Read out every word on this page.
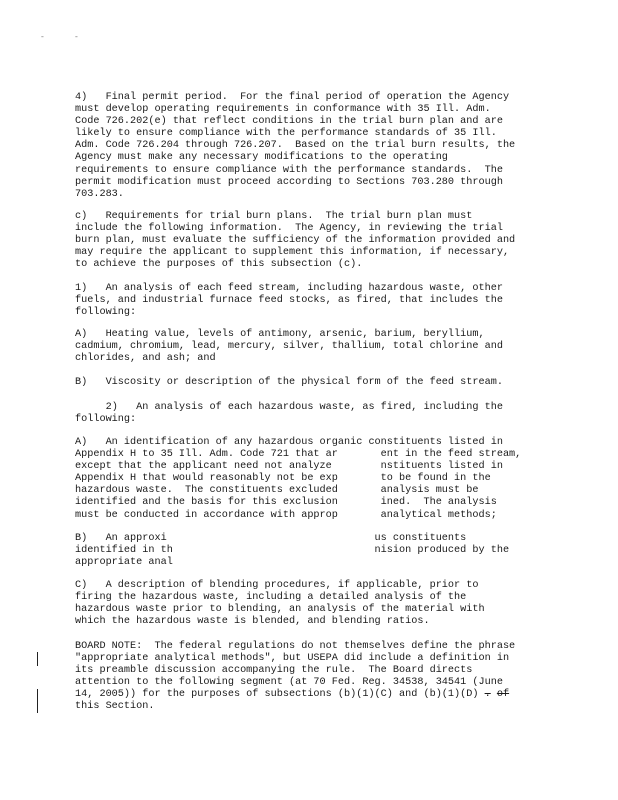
-	-

4)   Final permit period.  For the final period of operation the Agency
must develop operating requirements in conformance with 35 Ill. Adm.
Code 726.202(e) that reflect conditions in the trial burn plan and are
likely to ensure compliance with the performance standards of 35 Ill.
Adm. Code 726.204 through 726.207.  Based on the trial burn results, the
Agency must make any necessary modifications to the operating
requirements to ensure compliance with the performance standards.  The
permit modification must proceed according to Sections 703.280 through
703.283.

c)   Requirements for trial burn plans.  The trial burn plan must
include the following information.  The Agency, in reviewing the trial
burn plan, must evaluate the sufficiency of the information provided and
may require the applicant to supplement this information, if necessary,
to achieve the purposes of this subsection (c).

1)   An analysis of each feed stream, including hazardous waste, other
fuels, and industrial furnace feed stocks, as fired, that includes the
following:

A)   Heating value, levels of antimony, arsenic, barium, beryllium,
cadmium, chromium, lead, mercury, silver, thallium, total chlorine and
chlorides, and ash; and

B)   Viscosity or description of the physical form of the feed stream.

2)   An analysis of each hazardous waste, as fired, including the
following:

A)   An identification of any hazardous organic constituents listed in
Appendix H to 35 Ill. Adm. Code 721 that ar       ent in the feed stream,
except that the applicant need not analyze        nstituents listed in
Appendix H that would reasonably not be exp       to be found in the
hazardous waste.  The constituents excluded       analysis must be
identified and the basis for this exclusion       ined.  The analysis
must be conducted in accordance with approp       analytical methods;

B)   An approxi                                  us constituents
identified in th                                 nision produced by the
appropriate anal

C)   A description of blending procedures, if applicable, prior to
firing the hazardous waste, including a detailed analysis of the
hazardous waste prior to blending, an analysis of the material with
which the hazardous waste is blended, and blending ratios.

BOARD NOTE:  The federal regulations do not themselves define the phrase
"appropriate analytical methods", but USEPA did include a definition in
its preamble discussion accompanying the rule.  The Board directs
attention to the following segment (at 70 Fed. Reg. 34538, 34541 (June
14, 2005)) for the purposes of subsections (b)(1)(C) and (b)(1)(D) . of
this Section.
